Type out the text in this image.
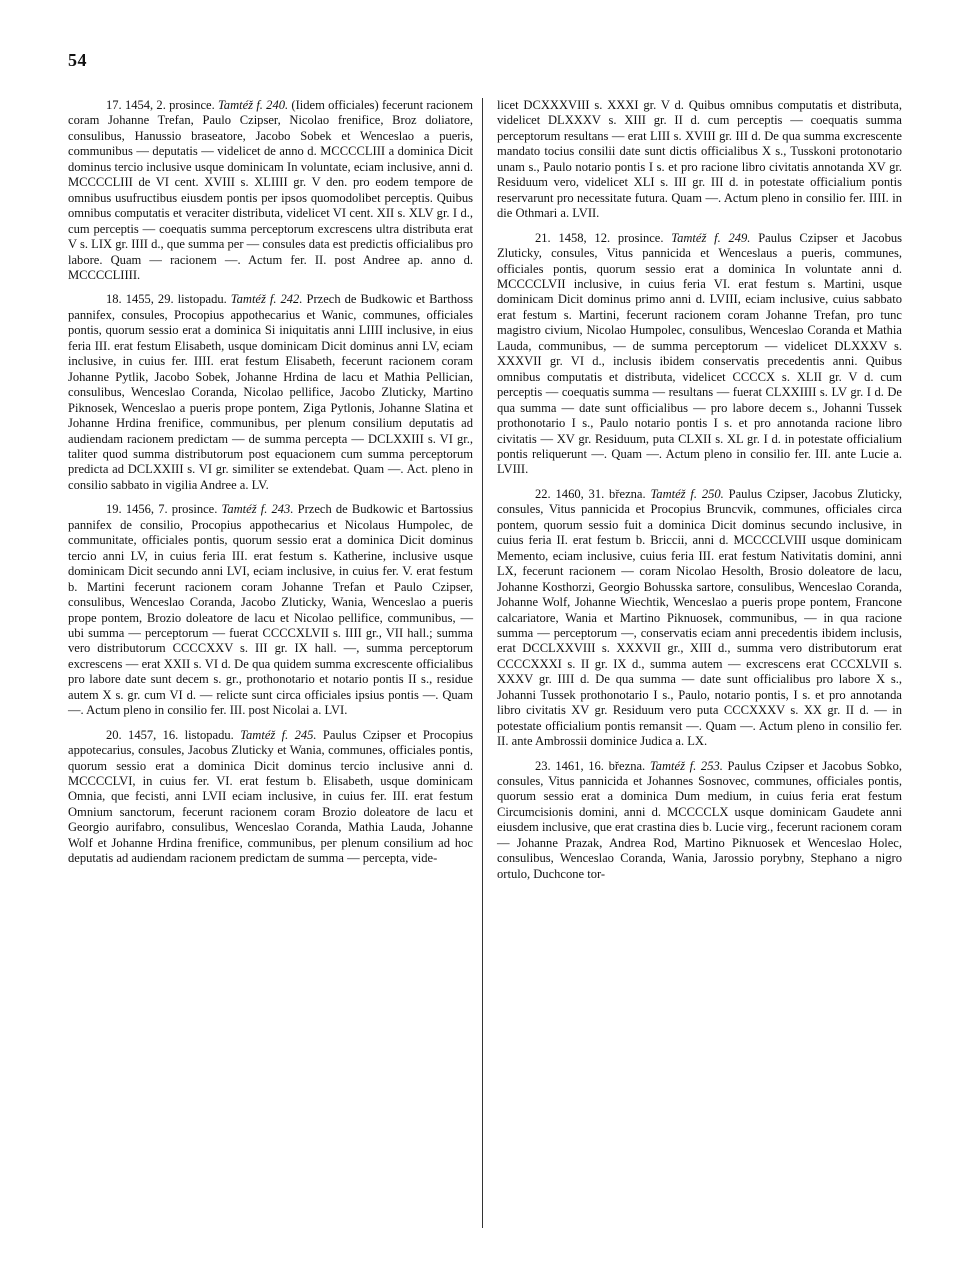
54

17. 1454, 2. prosince. Tamtéž f. 240. (Iidem officiales) fecerunt racionem coram Johanne Trefan, Paulo Czipser, Nicolao frenifice, Broz doliatore, consulibus, Hanussio braseatore, Jacobo Sobek et Wenceslao a pueris, communibus — deputatis — videlicet de anno d. MCCCCLIII a dominica Dicit dominus tercio inclusive usque dominicam In voluntate, eciam inclusive, anni d. MCCCCLIII de VI cent. XVIII s. XLIIII gr. V den. pro eodem tempore de omnibus usufructibus eiusdem pontis per ipsos quomodolibet perceptis. Quibus omnibus computatis et veraciter distributa, videlicet VI cent. XII s. XLV gr. I d., cum perceptis — coequatis summa perceptorum excrescens ultra distributa erat V s. LIX gr. IIII d., que summa per — consules data est predictis officialibus pro labore. Quam — racionem —. Actum fer. II. post Andree ap. anno d. MCCCCLIIII.

18. 1455, 29. listopadu. Tamtéž f. 242. Przech de Budkowic et Barthoss pannifex, consules, Procopius appothecarius et Wanic, communes, officiales pontis, quorum sessio erat a dominica Si iniquitatis anni LIIII inclusive, in eius feria III. erat festum Elisabeth, usque dominicam Dicit dominus anni LV, eciam inclusive, in cuius fer. IIII. erat festum Elisabeth, fecerunt racionem coram Johanne Pytlik, Jacobo Sobek, Johanne Hrdina de lacu et Mathia Pellician, consulibus, Wenceslao Coranda, Nicolao pellifice, Jacobo Zluticky, Martino Piknosek, Wenceslao a pueris prope pontem, Ziga Pytlonis, Johanne Slatina et Johanne Hrdina frenifice, communibus, per plenum consilium deputatis ad audiendam racionem predictam — de summa percepta — DCLXXIII s. VI gr., taliter quod summa distributorum post equacionem cum summa perceptorum predicta ad DCLXXIII s. VI gr. similiter se extendebat. Quam —. Act. pleno in consilio sabbato in vigilia Andree a. LV.

19. 1456, 7. prosince. Tamtéž f. 243. Przech de Budkowic et Bartossius pannifex de consilio, Procopius appothecarius et Nicolaus Humpolec, de communitate, officiales pontis, quorum sessio erat a dominica Dicit dominus tercio anni LV, in cuius feria III. erat festum s. Katherine, inclusive usque dominicam Dicit secundo anni LVI, eciam inclusive, in cuius fer. V. erat festum b. Martini fecerunt racionem coram Johanne Trefan et Paulo Czipser, consulibus, Wenceslao Coranda, Jacobo Zluticky, Wania, Wenceslao a pueris prope pontem, Brozio doleatore de lacu et Nicolao pellifice, communibus, — ubi summa — perceptorum — fuerat CCCCXLVII s. IIII gr., VII hall.; summa vero distributorum CCCCXXV s. III gr. IX hall. —, summa perceptorum excrescens — erat XXII s. VI d. De qua quidem summa excrescente officialibus pro labore date sunt decem s. gr., prothonotario et notario pontis II s., residue autem X s. gr. cum VI d. — relicte sunt circa officiales ipsius pontis —. Quam —. Actum pleno in consilio fer. III. post Nicolai a. LVI.

20. 1457, 16. listopadu. Tamtéž f. 245. Paulus Czipser et Procopius appotecarius, consules, Jacobus Zluticky et Wania, communes, officiales pontis, quorum sessio erat a dominica Dicit dominus tercio inclusive anni d. MCCCCLVI, in cuius fer. VI. erat festum b. Elisabeth, usque dominicam Omnia, que fecisti, anni LVII eciam inclusive, in cuius fer. III. erat festum Omnium sanctorum, fecerunt racionem coram Brozio doleatore de lacu et Georgio aurifabro, consulibus, Wenceslao Coranda, Mathia Lauda, Johanne Wolf et Johanne Hrdina frenifice, communibus, per plenum consilium ad hoc deputatis ad audiendam racionem predictam de summa — percepta, vide-

licet DCXXXVIII s. XXXI gr. V d. Quibus omnibus computatis et distributa, videlicet DLXXXV s. XIII gr. II d. cum perceptis — coequatis summa perceptorum resultans — erat LIII s. XVIII gr. III d. De qua summa excrescente mandato tocius consilii date sunt dictis officialibus X s., Tusskoni protonotario unam s., Paulo notario pontis I s. et pro racione libro civitatis annotanda XV gr. Residuum vero, videlicet XLI s. III gr. III d. in potestate officialium pontis reservarunt pro necessitate futura. Quam —. Actum pleno in consilio fer. IIII. in die Othmari a. LVII.

21. 1458, 12. prosince. Tamtéž f. 249. Paulus Czipser et Jacobus Zluticky, consules, Vitus pannicida et Wenceslaus a pueris, communes, officiales pontis, quorum sessio erat a dominica In voluntate anni d. MCCCCLVII inclusive, in cuius feria VI. erat festum s. Martini, usque dominicam Dicit dominus primo anni d. LVIII, eciam inclusive, cuius sabbato erat festum s. Martini, fecerunt racionem coram Johanne Trefan, pro tunc magistro civium, Nicolao Humpolec, consulibus, Wenceslao Coranda et Mathia Lauda, communibus, — de summa perceptorum — videlicet DLXXXV s. XXXVII gr. VI d., inclusis ibidem conservatis precedentis anni. Quibus omnibus computatis et distributa, videlicet CCCCX s. XLII gr. V d. cum perceptis — coequatis summa — resultans — fuerat CLXXIIII s. LV gr. I d. De qua summa — date sunt officialibus — pro labore decem s., Johanni Tussek prothonotario I s., Paulo notario pontis I s. et pro annotanda racione libro civitatis — XV gr. Residuum, puta CLXII s. XL gr. I d. in potestate officialium pontis reliquerunt —. Quam —. Actum pleno in consilio fer. III. ante Lucie a. LVIII.

22. 1460, 31. března. Tamtéž f. 250. Paulus Czipser, Jacobus Zluticky, consules, Vitus pannicida et Procopius Bruncvik, communes, officiales circa pontem, quorum sessio fuit a dominica Dicit dominus secundo inclusive, in cuius feria II. erat festum b. Briccii, anni d. MCCCCLVIII usque dominicam Memento, eciam inclusive, cuius feria III. erat festum Nativitatis domini, anni LX, fecerunt racionem — coram Nicolao Hesolth, Brosio doleatore de lacu, Johanne Kosthorzi, Georgio Bohusska sartore, consulibus, Wenceslao Coranda, Johanne Wolf, Johanne Wiechtik, Wenceslao a pueris prope pontem, Francone calcariatore, Wania et Martino Piknuosek, communibus, — in qua racione summa — perceptorum —, conservatis eciam anni precedentis ibidem inclusis, erat DCCLXXVIII s. XXXVII gr., XIII d., summa vero distributorum erat CCCCXXXI s. II gr. IX d., summa autem — excrescens erat CCCXLVII s. XXXV gr. IIII d. De qua summa — date sunt officialibus pro labore X s., Johanni Tussek prothonotario I s., Paulo, notario pontis, I s. et pro annotanda libro civitatis XV gr. Residuum vero puta CCCXXXV s. XX gr. II d. — in potestate officialium pontis remansit —. Quam —. Actum pleno in consilio fer. II. ante Ambrossii dominice Judica a. LX.

23. 1461, 16. března. Tamtéž f. 253. Paulus Czipser et Jacobus Sobko, consules, Vitus pannicida et Johannes Sosnovec, communes, officiales pontis, quorum sessio erat a dominica Dum medium, in cuius feria erat festum Circumcisionis domini, anni d. MCCCCLX usque dominicam Gaudete anni eiusdem inclusive, que erat crastina dies b. Lucie virg., fecerunt racionem coram — Johanne Prazak, Andrea Rod, Martino Piknuosek et Wenceslao Holec, consulibus, Wenceslao Coranda, Wania, Jarossio porybny, Stephano a nigro ortulo, Duchcone tor-
